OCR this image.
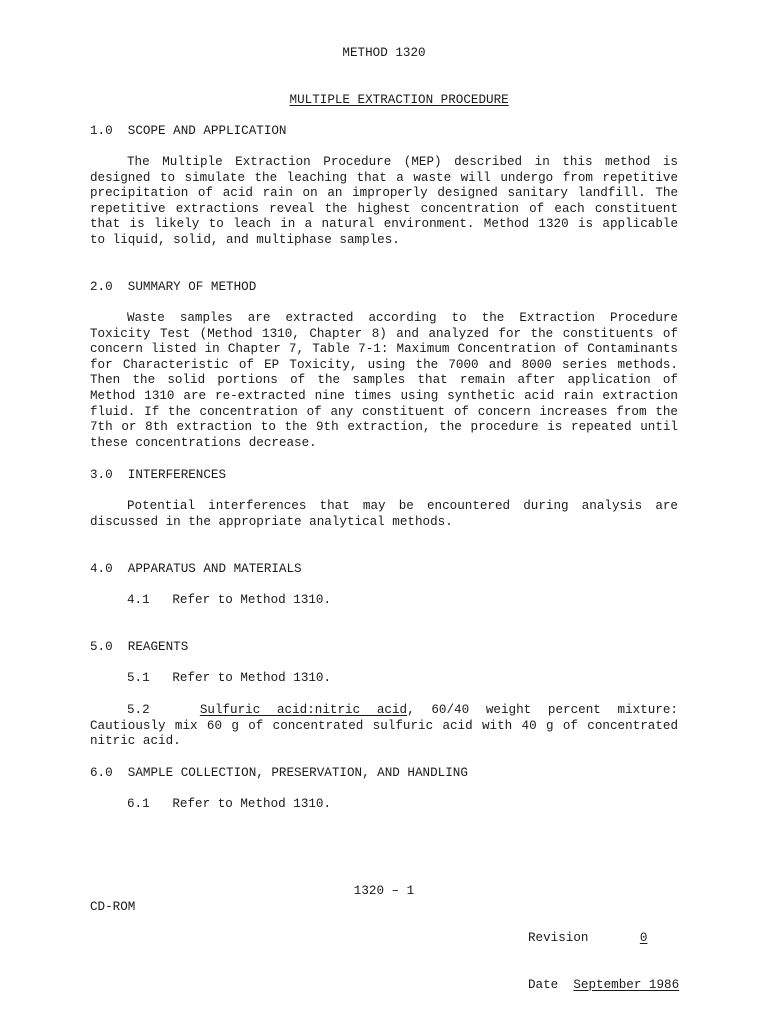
METHOD 1320

MULTIPLE EXTRACTION PROCEDURE

1.0  SCOPE AND APPLICATION

The Multiple Extraction Procedure (MEP) described in this method is designed to simulate the leaching that a waste will undergo from repetitive precipitation of acid rain on an improperly designed sanitary landfill. The repetitive extractions reveal the highest concentration of each constituent that is likely to leach in a natural environment. Method 1320 is applicable to liquid, solid, and multiphase samples.

2.0  SUMMARY OF METHOD

Waste samples are extracted according to the Extraction Procedure Toxicity Test (Method 1310, Chapter 8) and analyzed for the constituents of concern listed in Chapter 7, Table 7-1: Maximum Concentration of Contaminants for Characteristic of EP Toxicity, using the 7000 and 8000 series methods. Then the solid portions of the samples that remain after application of Method 1310 are re-extracted nine times using synthetic acid rain extraction fluid. If the concentration of any constituent of concern increases from the 7th or 8th extraction to the 9th extraction, the procedure is repeated until these concentrations decrease.

3.0  INTERFERENCES

Potential interferences that may be encountered during analysis are discussed in the appropriate analytical methods.

4.0  APPARATUS AND MATERIALS
4.1   Refer to Method 1310.
5.0  REAGENTS
5.1   Refer to Method 1310.

5.2	Sulfuric acid:nitric acid, 60/40 weight percent mixture: Cautiously mix 60 g of concentrated sulfuric acid with 40 g of concentrated nitric acid.

6.0  SAMPLE COLLECTION, PRESERVATION, AND HANDLING
6.1   Refer to Method 1310.
1320 – 1
CD-ROM

Revision	0

Date September 1986
